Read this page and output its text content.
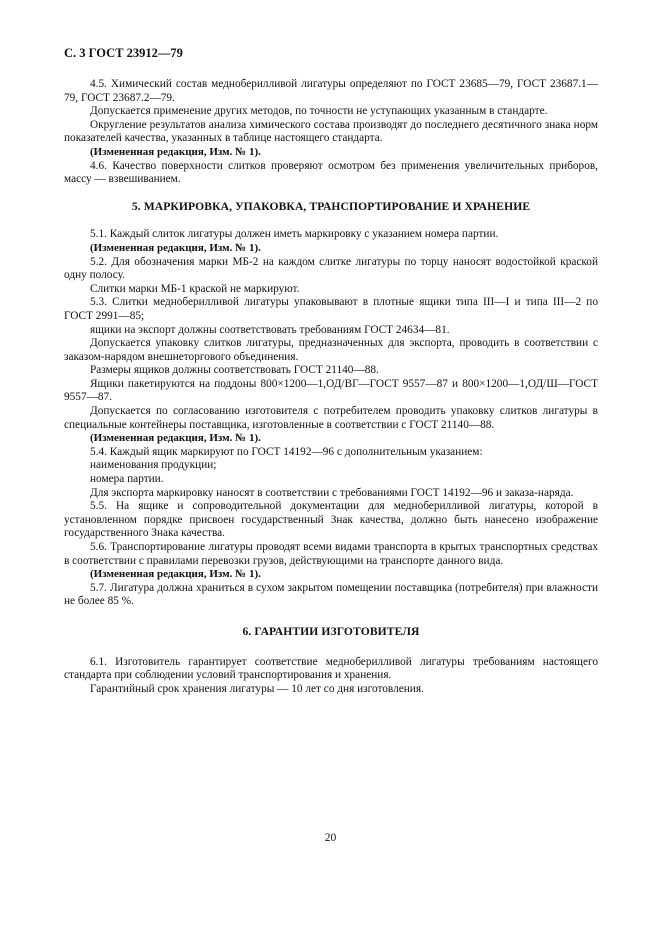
С. 3 ГОСТ 23912—79

4.5. Химический состав медноберилливой лигатуры определяют по ГОСТ 23685—79, ГОСТ 23687.1—79, ГОСТ 23687.2—79.

Допускается применение других методов, по точности не уступающих указанным в стандарте.

Округление результатов анализа химического состава производят до последнего десятичного знака норм показателей качества, указанных в таблице настоящего стандарта.

(Измененная редакция, Изм. № 1).

4.6. Качество поверхности слитков проверяют осмотром без применения увеличительных приборов, массу — взвешиванием.

5. МАРКИРОВКА, УПАКОВКА, ТРАНСПОРТИРОВАНИЕ И ХРАНЕНИЕ

5.1. Каждый слиток лигатуры должен иметь маркировку с указанием номера партии.

(Измененная редакция, Изм. № 1).

5.2. Для обозначения марки МБ-2 на каждом слитке лигатуры по торцу наносят водостойкой краской одну полосу.

Слитки марки МБ-1 краской не маркируют.

5.3. Слитки медноберилливой лигатуры упаковывают в плотные ящики типа III—I и типа III—2 по ГОСТ 2991—85;

ящики на экспорт должны соответствовать требованиям ГОСТ 24634—81.

Допускается упаковку слитков лигатуры, предназначенных для экспорта, проводить в соответствии с заказом-нарядом внешнеторгового объединения.

Размеры ящиков должны соответствовать ГОСТ 21140—88.

Ящики пакетируются на поддоны 800×1200—1,ОД/ВГ—ГОСТ 9557—87 и 800×1200—1,ОД/Ш—ГОСТ 9557—87.

Допускается по согласованию изготовителя с потребителем проводить упаковку слитков лигатуры в специальные контейнеры поставщика, изготовленные в соответствии с ГОСТ 21140—88.

(Измененная редакция, Изм. № 1).

5.4. Каждый ящик маркируют по ГОСТ 14192—96 с дополнительным указанием:

наименования продукции;

номера партии.

Для экспорта маркировку наносят в соответствии с требованиями ГОСТ 14192—96 и заказа-наряда.

5.5. На ящике и сопроводительной документации для медноберилливой лигатуры, которой в установленном порядке присвоен государственный Знак качества, должно быть нанесено изображение государственного Знака качества.

5.6. Транспортирование лигатуры проводят всеми видами транспорта в крытых транспортных средствах в соответствии с правилами перевозки грузов, действующими на транспорте данного вида.

(Измененная редакция, Изм. № 1).

5.7. Лигатура должна храниться в сухом закрытом помещении поставщика (потребителя) при влажности не более 85 %.

6. ГАРАНТИИ ИЗГОТОВИТЕЛЯ

6.1. Изготовитель гарантирует соответствие медноберилливой лигатуры требованиям настоящего стандарта при соблюдении условий транспортирования и хранения.

Гарантийный срок хранения лигатуры — 10 лет со дня изготовления.

20
